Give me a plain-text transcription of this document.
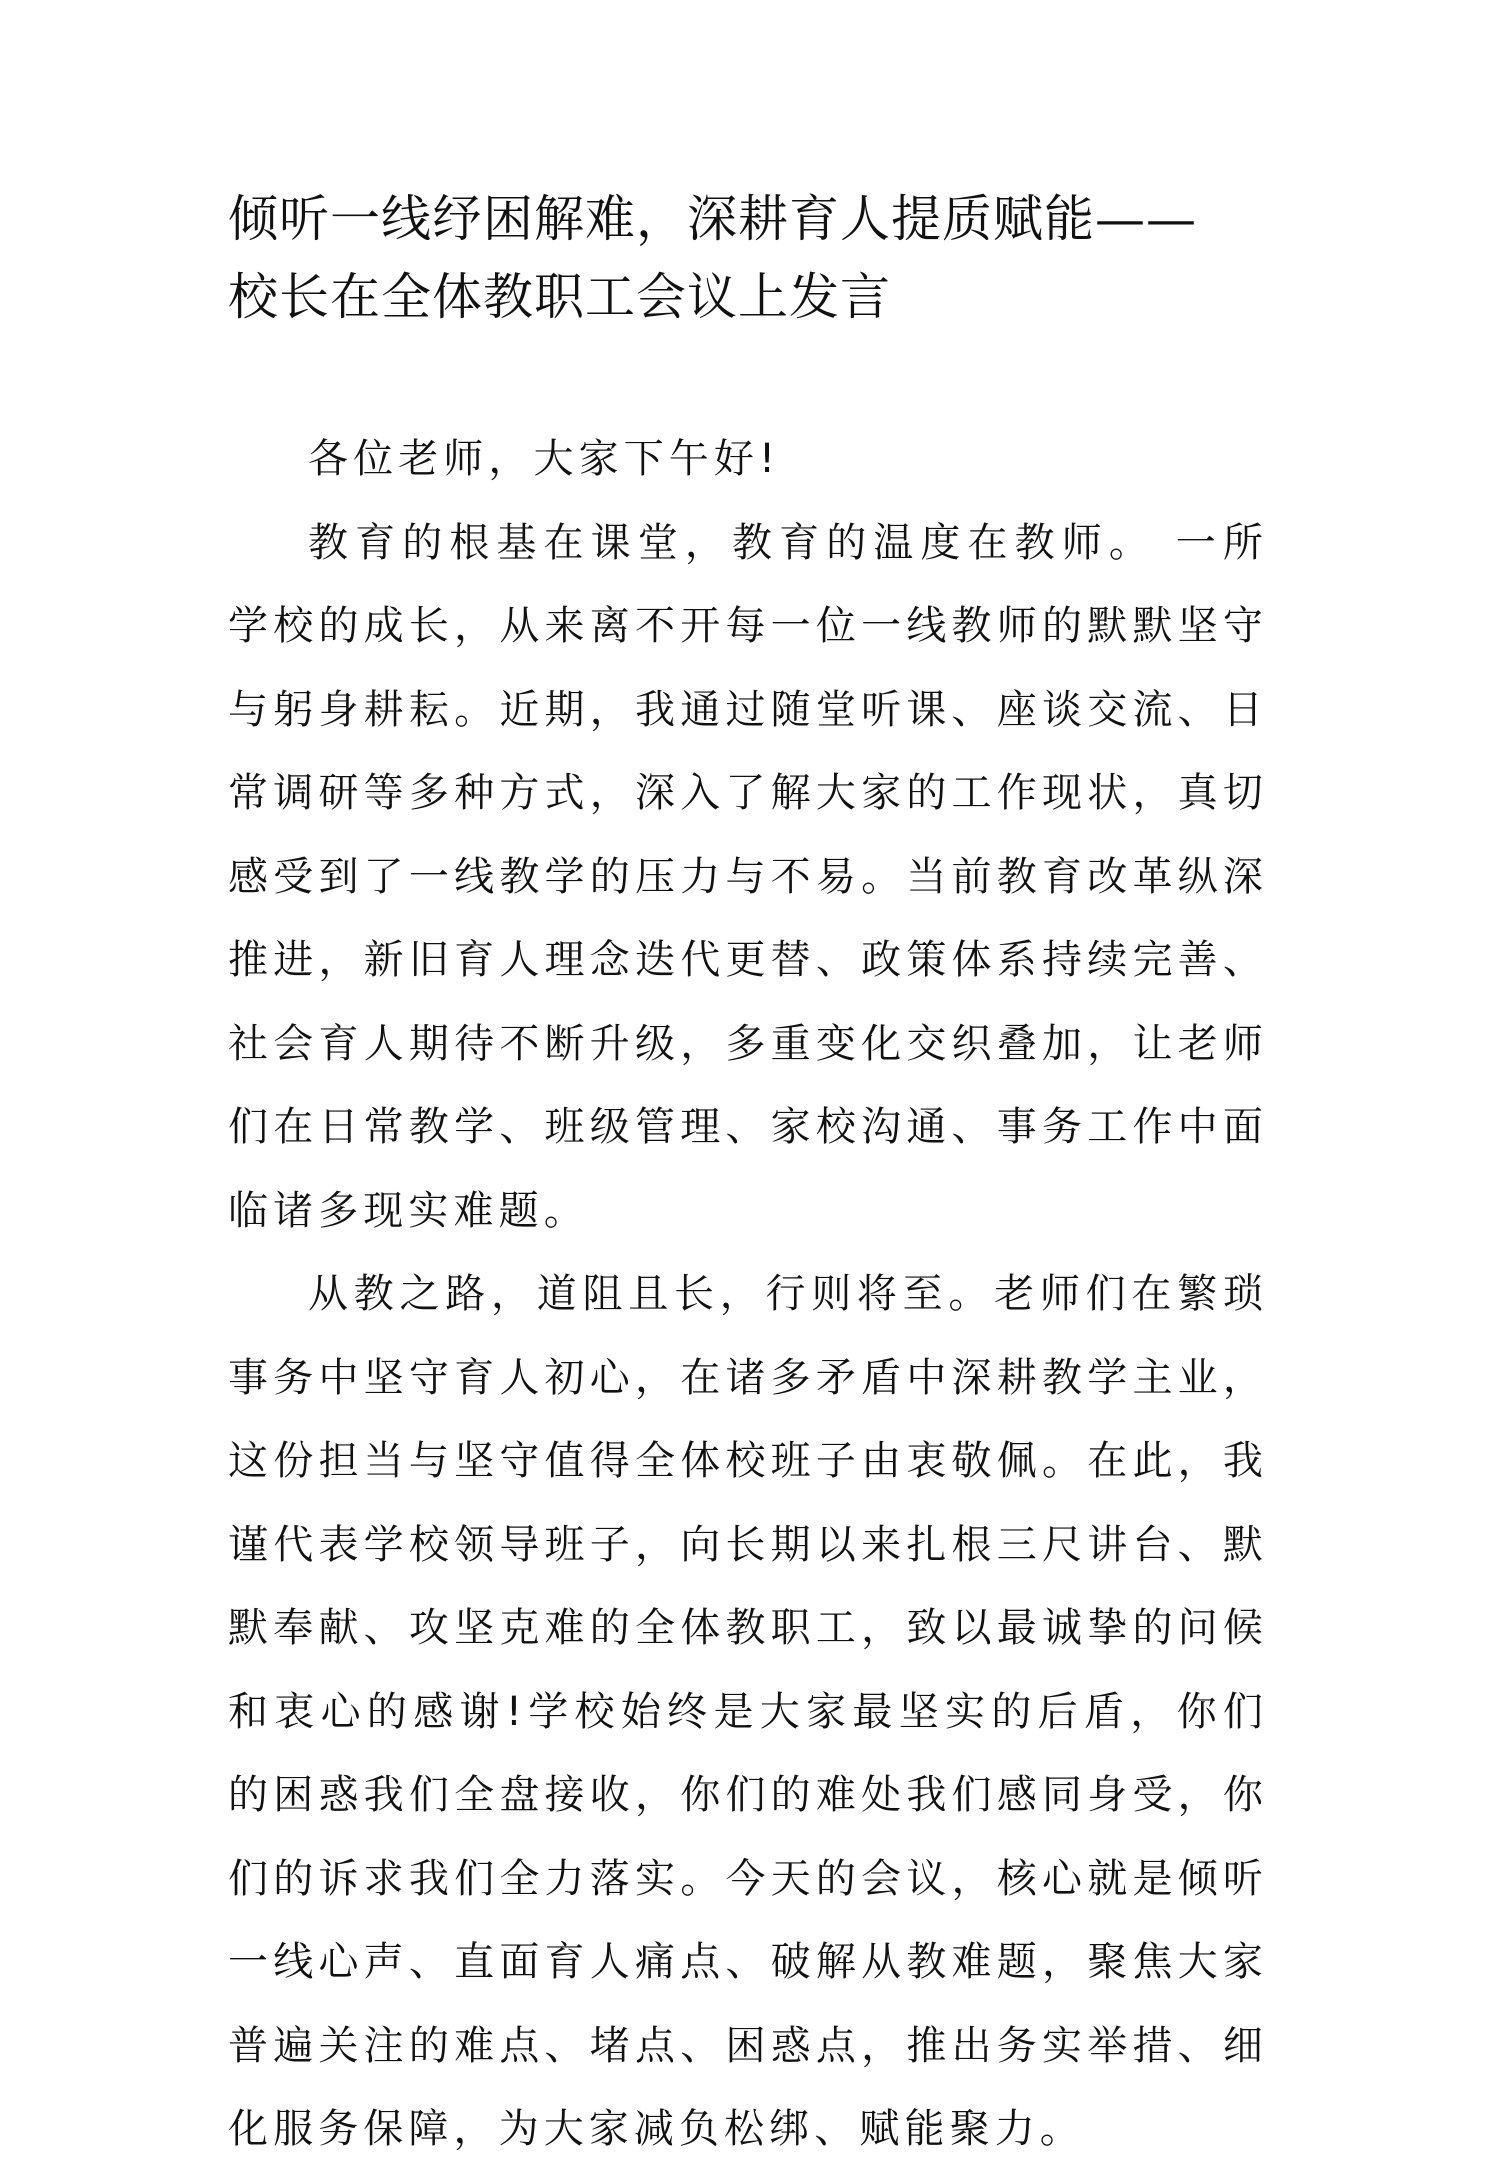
倾听一线纾困解难，深耕育人提质赋能——
校长在全体教职工会议上发言

各位老师，大家下午好!

教育的根基在课堂，教育的温度在教师。 一所学校的成长，从来离不开每一位一线教师的默默坚守与躬身耕耘。近期，我通过随堂听课、座谈交流、日常调研等多种方式，深入了解大家的工作现状，真切感受到了一线教学的压力与不易。当前教育改革纵深推进，新旧育人理念迭代更替、政策体系持续完善、社会育人期待不断升级，多重变化交织叠加，让老师们在日常教学、班级管理、家校沟通、事务工作中面临诸多现实难题。

从教之路，道阻且长，行则将至。老师们在繁琐事务中坚守育人初心，在诸多矛盾中深耕教学主业，这份担当与坚守值得全体校班子由衷敬佩。在此，我谨代表学校领导班子，向长期以来扎根三尺讲台、默默奉献、攻坚克难的全体教职工，致以最诚挚的问候和衷心的感谢!学校始终是大家最坚实的后盾，你们的困惑我们全盘接收，你们的难处我们感同身受，你们的诉求我们全力落实。今天的会议，核心就是倾听一线心声、直面育人痛点、破解从教难题，聚焦大家普遍关注的难点、堵点、困惑点，推出务实举措、细化服务保障，为大家减负松绑、赋能聚力。
